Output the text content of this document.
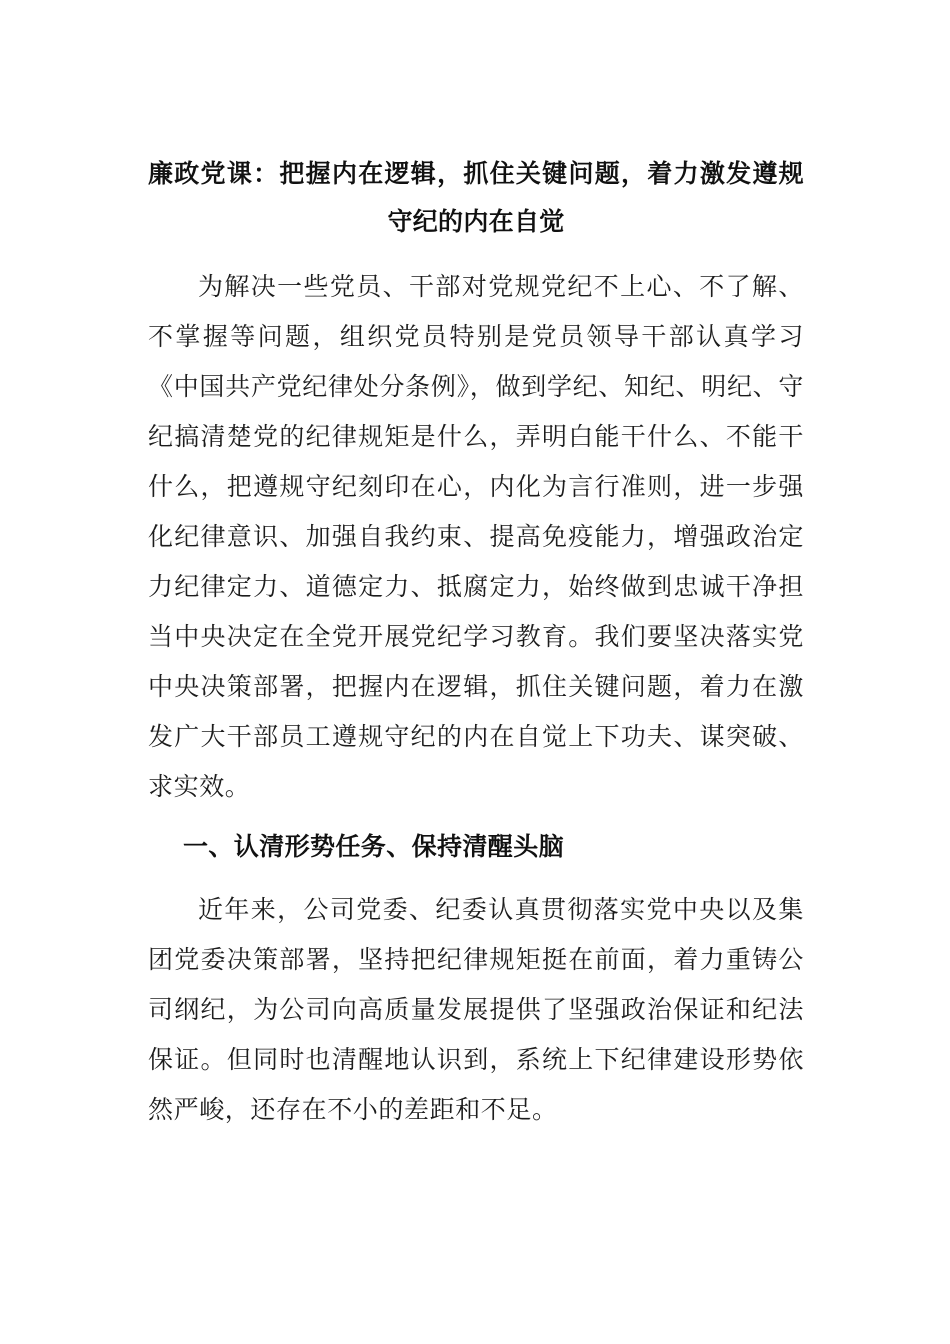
廉政党课：把握内在逻辑，抓住关键问题，着力激发遵规守纪的内在自觉

为解决一些党员、干部对党规党纪不上心、不了解、不掌握等问题，组织党员特别是党员领导干部认真学习《中国共产党纪律处分条例》，做到学纪、知纪、明纪、守纪搞清楚党的纪律规矩是什么，弄明白能干什么、不能干什么，把遵规守纪刻印在心，内化为言行准则，进一步强化纪律意识、加强自我约束、提高免疫能力，增强政治定力纪律定力、道德定力、抵腐定力，始终做到忠诚干净担当中央决定在全党开展党纪学习教育。我们要坚决落实党中央决策部署，把握内在逻辑，抓住关键问题，着力在激发广大干部员工遵规守纪的内在自觉上下功夫、谋突破、求实效。

一、认清形势任务、保持清醒头脑

近年来，公司党委、纪委认真贯彻落实党中央以及集团党委决策部署，坚持把纪律规矩挺在前面，着力重铸公司纲纪，为公司向高质量发展提供了坚强政治保证和纪法保证。但同时也清醒地认识到，系统上下纪律建设形势依然严峻，还存在不小的差距和不足。
